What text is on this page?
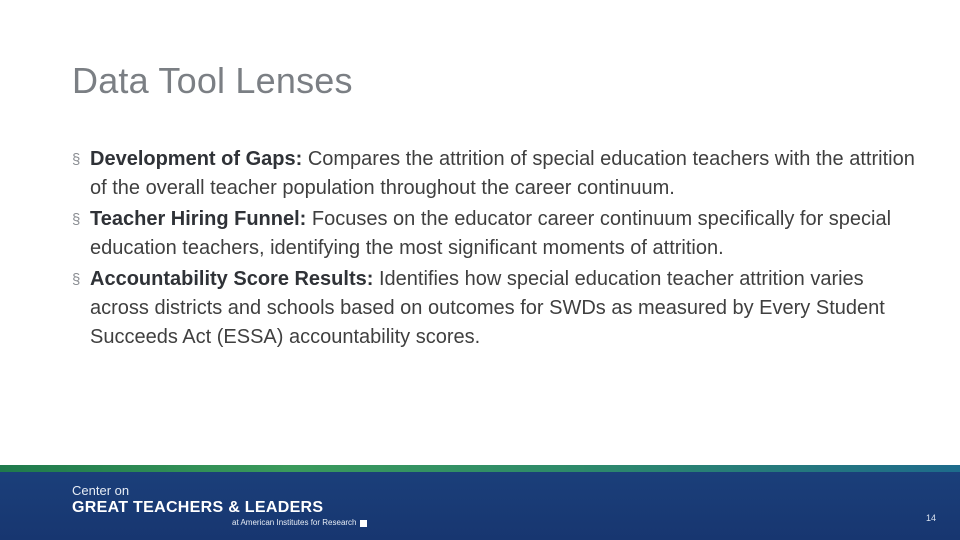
Data Tool Lenses
§ Development of Gaps: Compares the attrition of special education teachers with the attrition of the overall teacher population throughout the career continuum.
§ Teacher Hiring Funnel: Focuses on the educator career continuum specifically for special education teachers, identifying the most significant moments of attrition.
§ Accountability Score Results: Identifies how special education teacher attrition varies across districts and schools based on outcomes for SWDs as measured by Every Student Succeeds Act (ESSA) accountability scores.
Center on
GREAT TEACHERS & LEADERS
at American Institutes for Research	14
